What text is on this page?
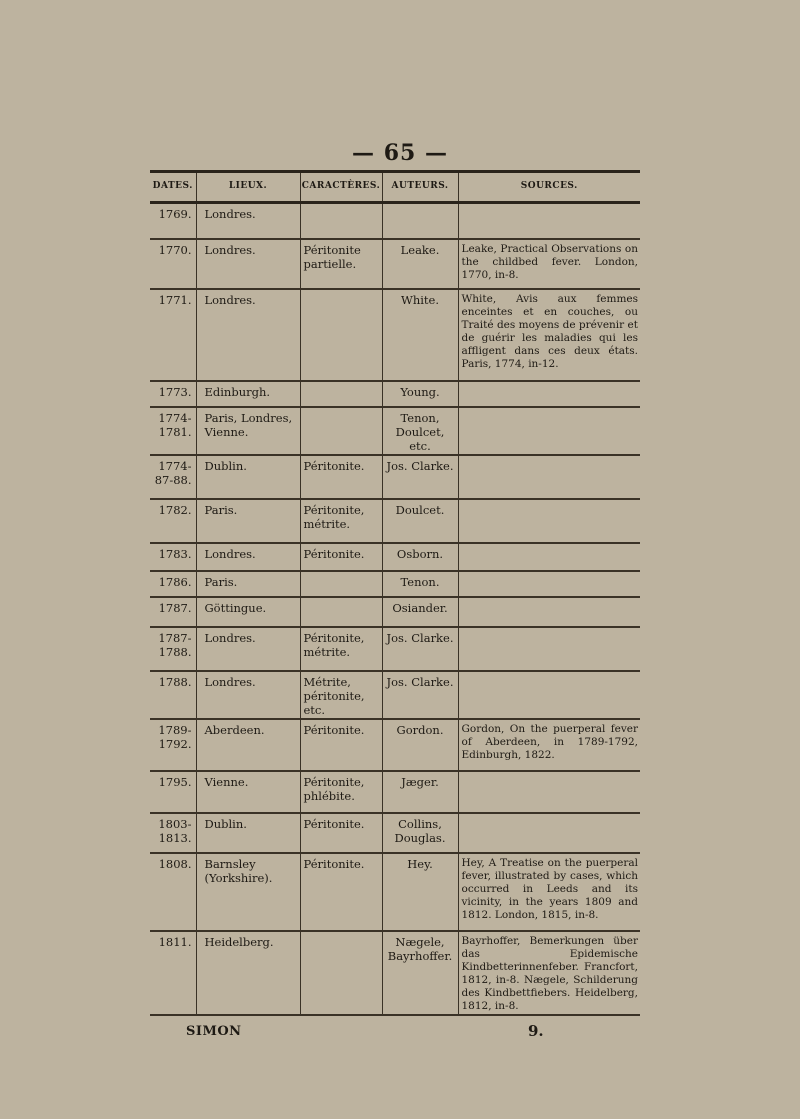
— 65 —
DATES.	LIEUX.	CARACTÈRES.	AUTEURS.	SOURCES.

1769.	Londres.			

1770.	Londres.	Péritonite partielle.	Leake.	Leake, Practical Observations on the childbed fever. London, 1770, in-8.

1771.	Londres.		White.	White, Avis aux femmes enceintes et en couches, ou Traité des moyens de prévenir et de guérir les maladies qui les affligent dans ces deux états. Paris, 1774, in-12.

1773.	Edinburgh.		Young.	

1774-
1781.	Paris, Londres, Vienne.		Tenon, Doulcet, etc.	

1774-
87-88.	Dublin.	Péritonite.	Jos. Clarke.	

1782.	Paris.	Péritonite, métrite.	Doulcet.	

1783.	Londres.	Péritonite.	Osborn.	

1786.	Paris.		Tenon.	

1787.	Göttingue.		Osiander.	

1787-
1788.	Londres.	Péritonite, métrite.	Jos. Clarke.	

1788.	Londres.	Métrite, péritonite, etc.	Jos. Clarke.	

1789-
1792.	Aberdeen.	Péritonite.	Gordon.	Gordon, On the puerperal fever of Aberdeen, in 1789-1792, Edinburgh, 1822.

1795.	Vienne.	Péritonite, phlébite.	Jæger.	

1803-
1813.	Dublin.	Péritonite.	Collins, Douglas.	

1808.	Barnsley (Yorkshire).	Péritonite.	Hey.	Hey, A Treatise on the puerperal fever, illustrated by cases, which occurred in Leeds and its vicinity, in the years 1809 and 1812. London, 1815, in-8.

1811.	Heidelberg.		Nægele, Bayrhoffer.	Bayrhoffer, Bemerkungen über das Epidemische Kindbetterinnenfeber. Francfort, 1812, in-8. Nægele, Schilderung des Kindbettfiebers. Heidelberg, 1812, in-8.
SIMON	9.
